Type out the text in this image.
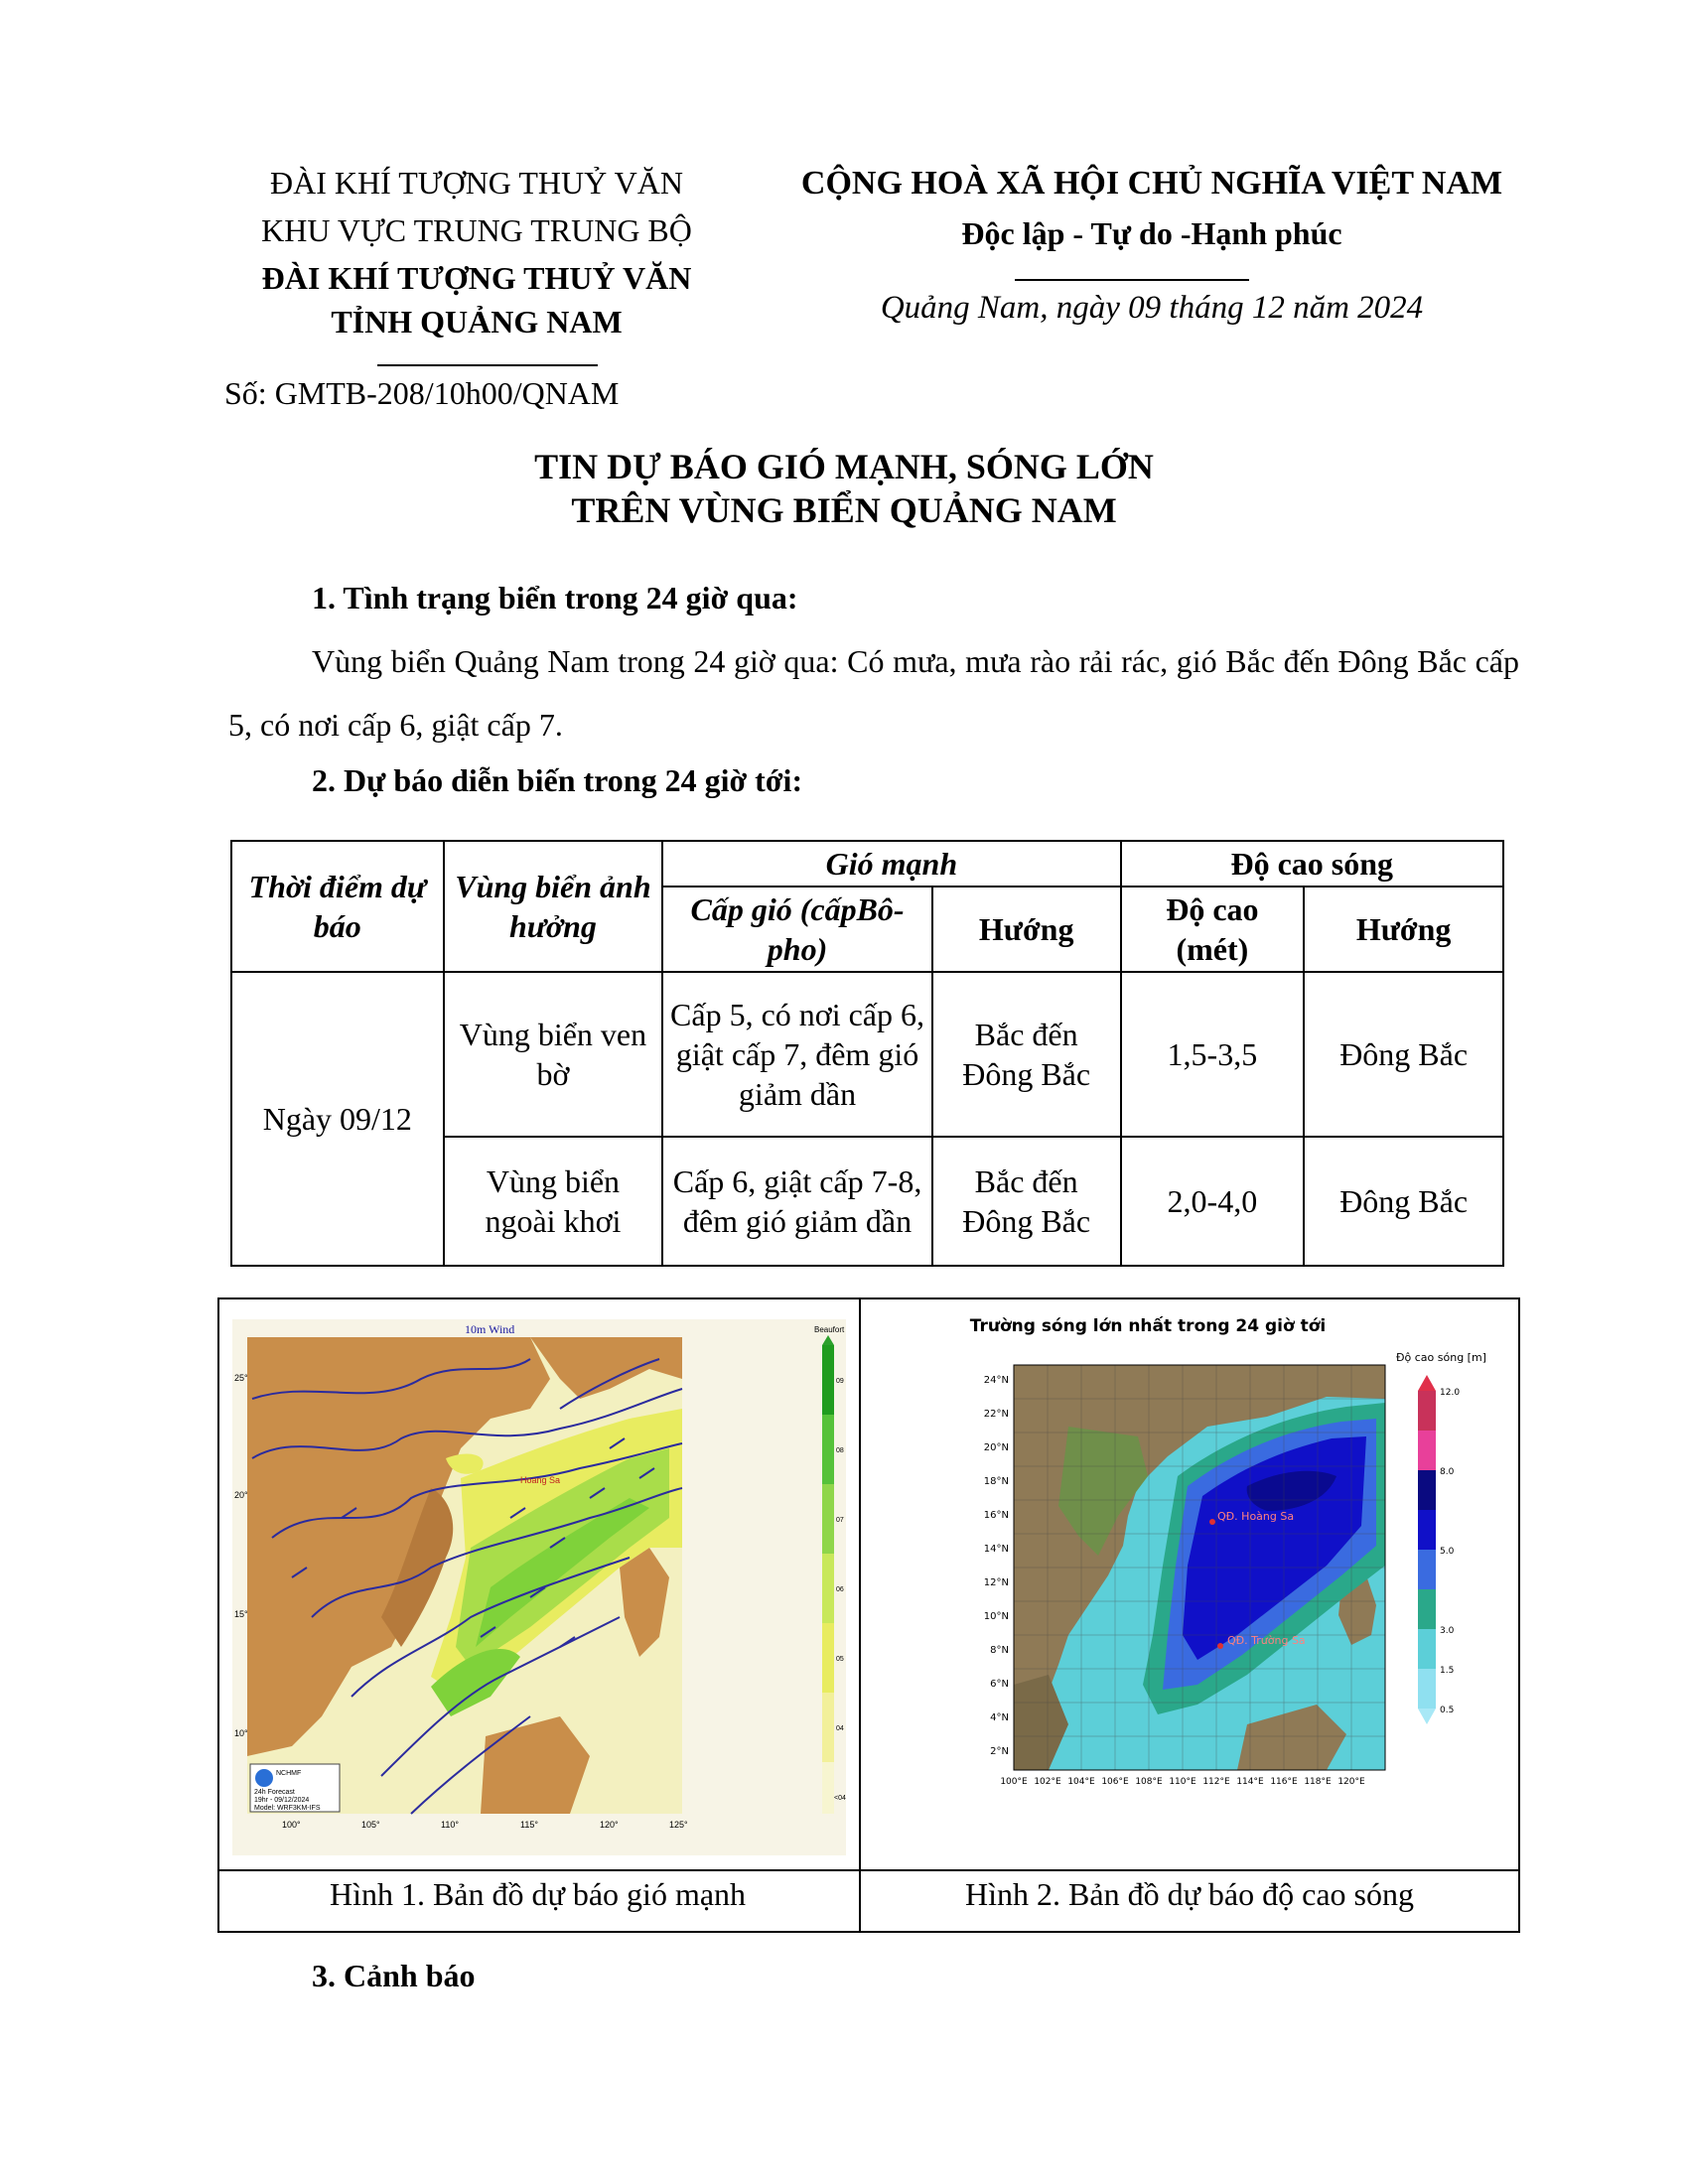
ĐÀI KHÍ TƯỢNG THUỶ VĂN
KHU VỰC TRUNG TRUNG BỘ
ĐÀI KHÍ TƯỢNG THUỶ VĂN
TỈNH QUẢNG NAM
Số: GMTB-208/10h00/QNAM
CỘNG HOÀ XÃ HỘI CHỦ NGHĨA VIỆT NAM
Độc lập - Tự do -Hạnh phúc
Quảng Nam, ngày 09 tháng 12 năm 2024
TIN DỰ BÁO GIÓ MẠNH, SÓNG LỚN
TRÊN VÙNG BIỂN QUẢNG NAM
1. Tình trạng biển trong 24 giờ qua:
Vùng biển Quảng Nam trong 24 giờ qua: Có mưa, mưa rào rải rác, gió Bắc đến Đông Bắc cấp 5, có nơi cấp 6, giật cấp 7.
2. Dự báo diễn biến trong 24 giờ tới:
Thời điểm dự báo	Vùng biển ảnh hưởng	Gió mạnh		Độ cao sóng	
		Cấp gió (cấpBô-pho)	Hướng	Độ cao (mét)	Hướng
Ngày 09/12	Vùng biển ven bờ	Cấp 5, có nơi cấp 6, giật cấp 7, đêm gió giảm dần	Bắc đến Đông Bắc	1,5-3,5	Đông Bắc
	Vùng biển ngoài khơi	Cấp 6, giật cấp 7-8, đêm gió giảm dần	Bắc đến Đông Bắc	2,0-4,0	Đông Bắc
10m Wind
Hoang Sa
25°
20°
15°
10°
100°	105°	110°	115°	120°	125°
NCHMF
24h Forecast
19hr - 09/12/2024
Model: WRF3KM-IFS
Beaufort
09
08
07
06
05
04
<04
Trường sóng lớn nhất trong 24 giờ tới
QĐ. Hoàng Sa
QĐ. Trường Sa
24°N
22°N
20°N
18°N
16°N
14°N
12°N
10°N
8°N
6°N
4°N
2°N
100°E 102°E 104°E 106°E 108°E 110°E 112°E 114°E 116°E 118°E 120°E
Độ cao sóng [m]
12.0
8.0
5.0
3.0
1.5
0.5
Hình 1. Bản đồ dự báo gió mạnh	Hình 2. Bản đồ dự báo độ cao sóng
3. Cảnh báo
